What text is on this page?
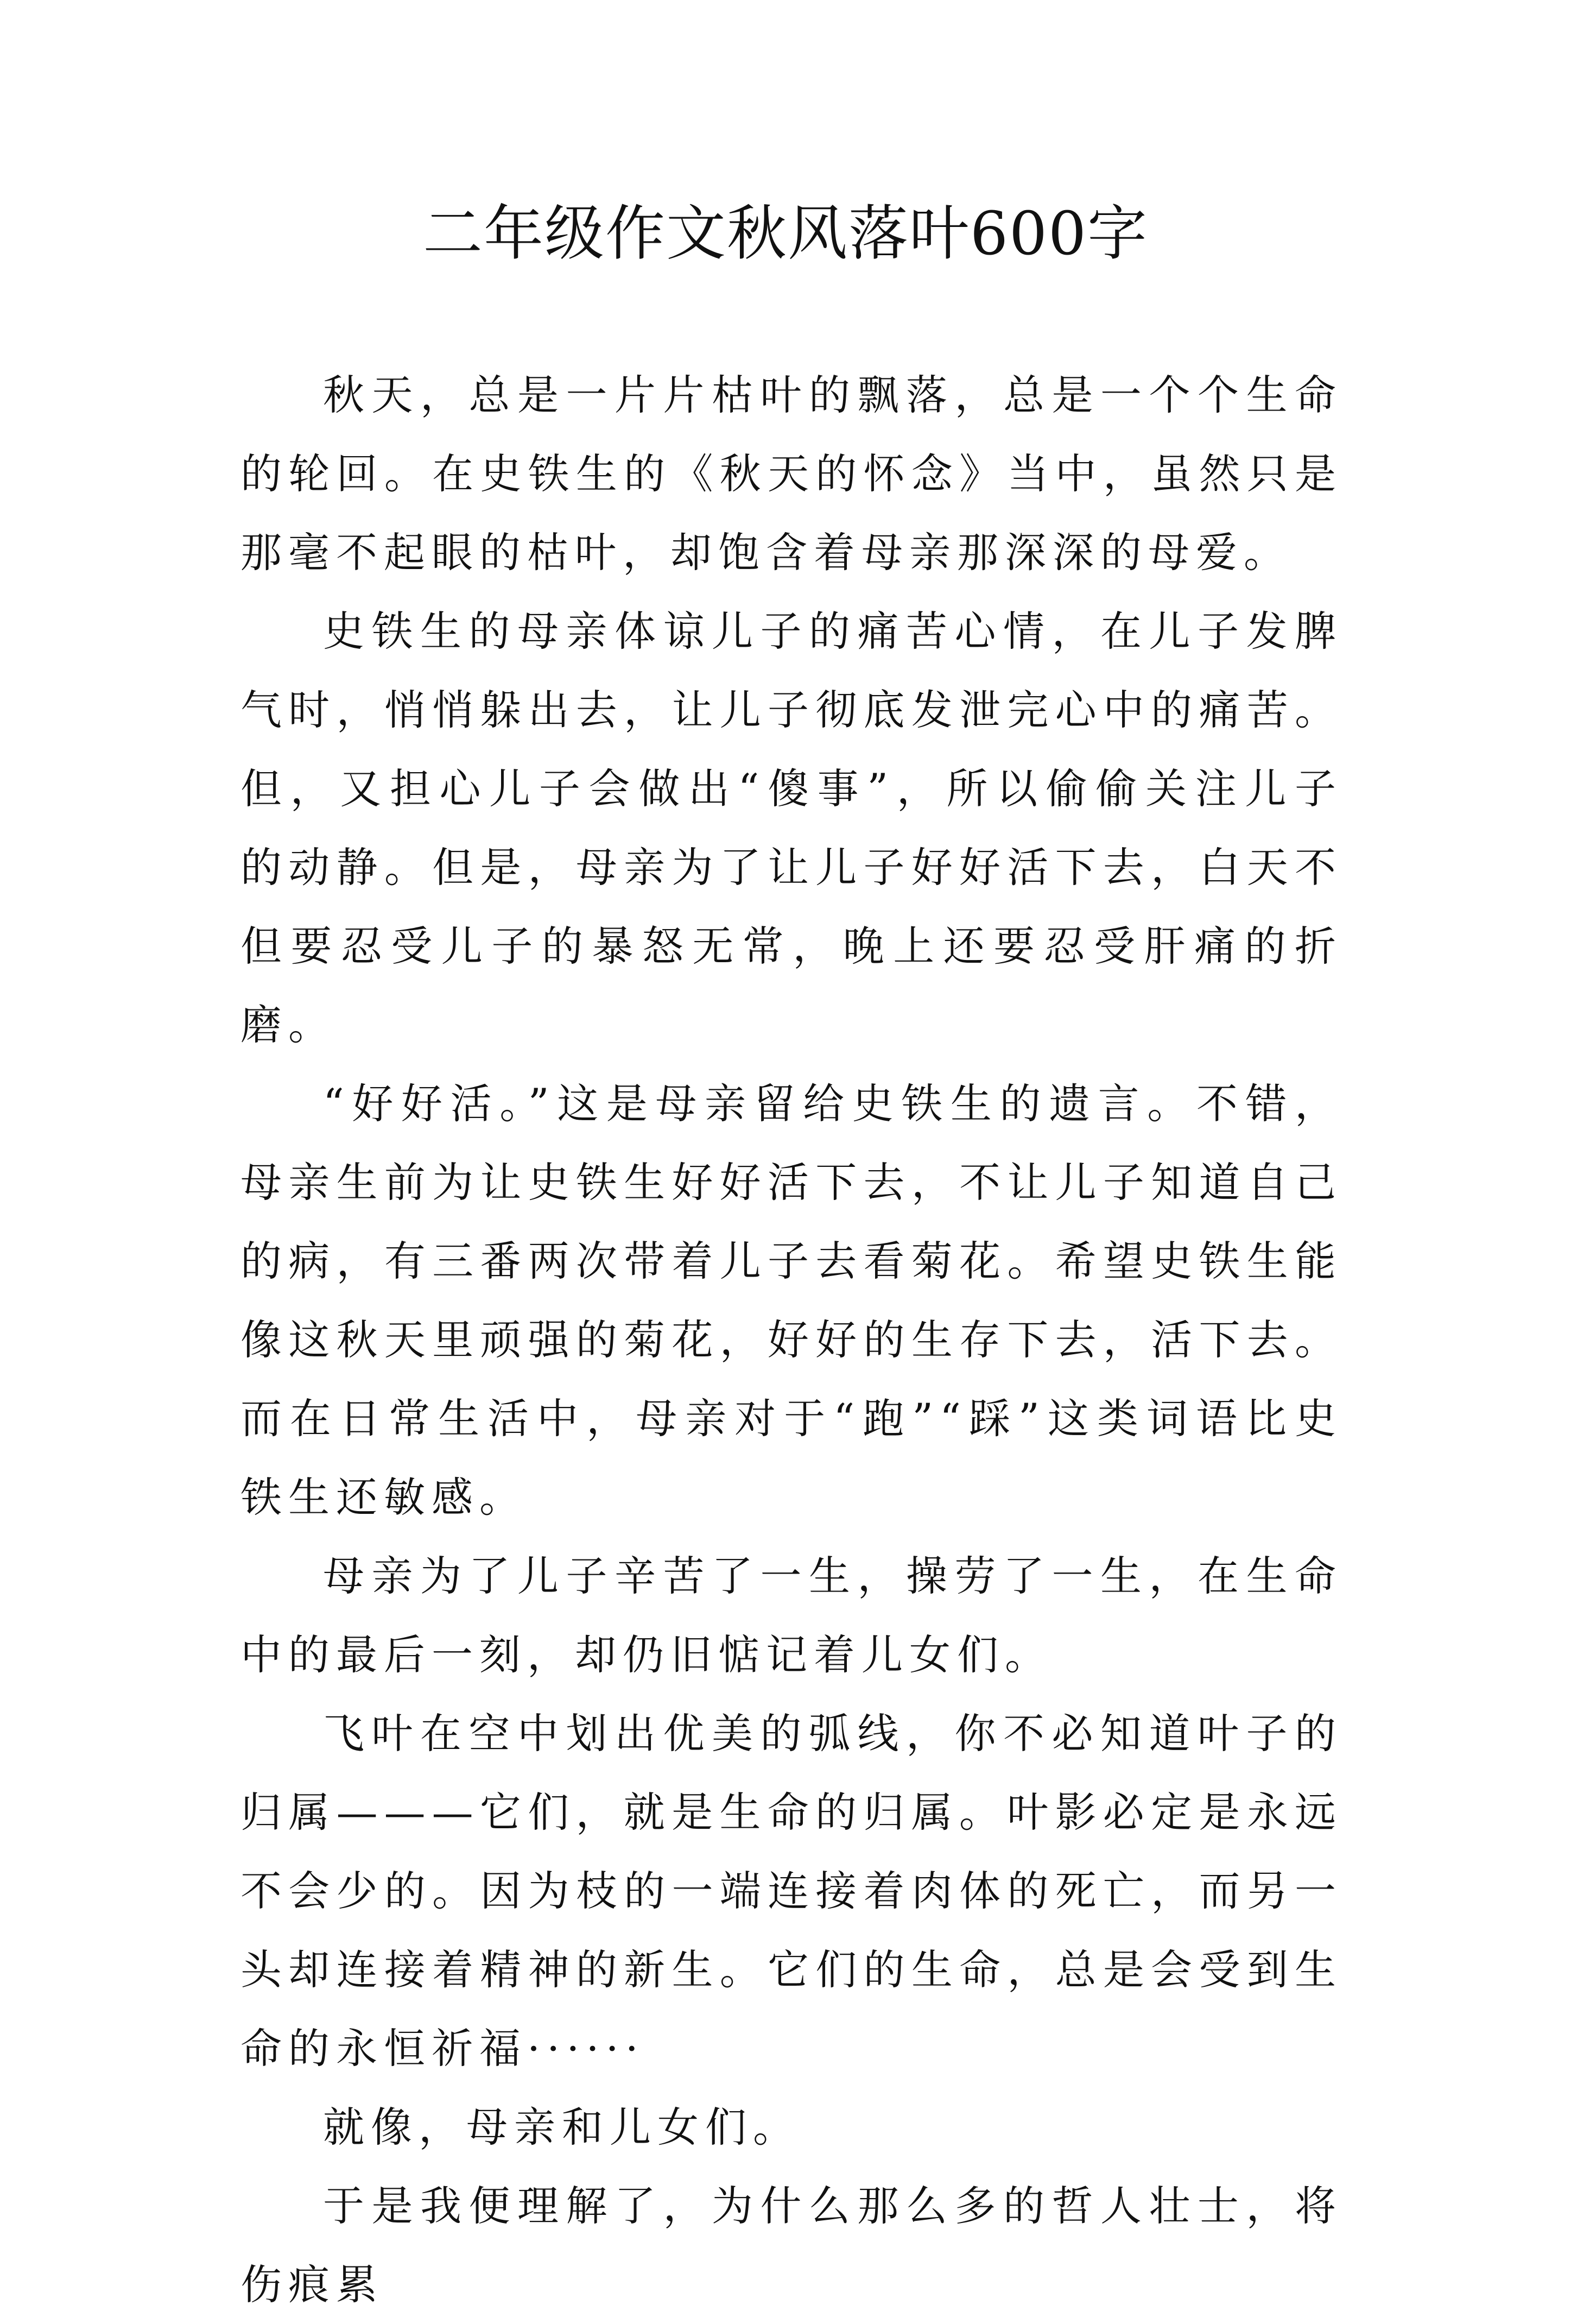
二年级作文秋风落叶600字

秋天，总是一片片枯叶的飘落，总是一个个生命的轮回。在史铁生的《秋天的怀念》当中，虽然只是那毫不起眼的枯叶，却饱含着母亲那深深的母爱。

史铁生的母亲体谅儿子的痛苦心情，在儿子发脾气时，悄悄躲出去，让儿子彻底发泄完心中的痛苦。但，又担心儿子会做出“傻事”，所以偷偷关注儿子的动静。但是，母亲为了让儿子好好活下去，白天不但要忍受儿子的暴怒无常，晚上还要忍受肝痛的折磨。

“好好活。”这是母亲留给史铁生的遗言。不错，母亲生前为让史铁生好好活下去，不让儿子知道自己的病，有三番两次带着儿子去看菊花。希望史铁生能像这秋天里顽强的菊花，好好的生存下去，活下去。而在日常生活中，母亲对于“跑”“踩”这类词语比史铁生还敏感。

母亲为了儿子辛苦了一生，操劳了一生，在生命中的最后一刻，却仍旧惦记着儿女们。

飞叶在空中划出优美的弧线，你不必知道叶子的归属———它们，就是生命的归属。叶影必定是永远不会少的。因为枝的一端连接着肉体的死亡，而另一头却连接着精神的新生。它们的生命，总是会受到生命的永恒祈福······

就像，母亲和儿女们。

于是我便理解了，为什么那么多的哲人壮士，将伤痕累
